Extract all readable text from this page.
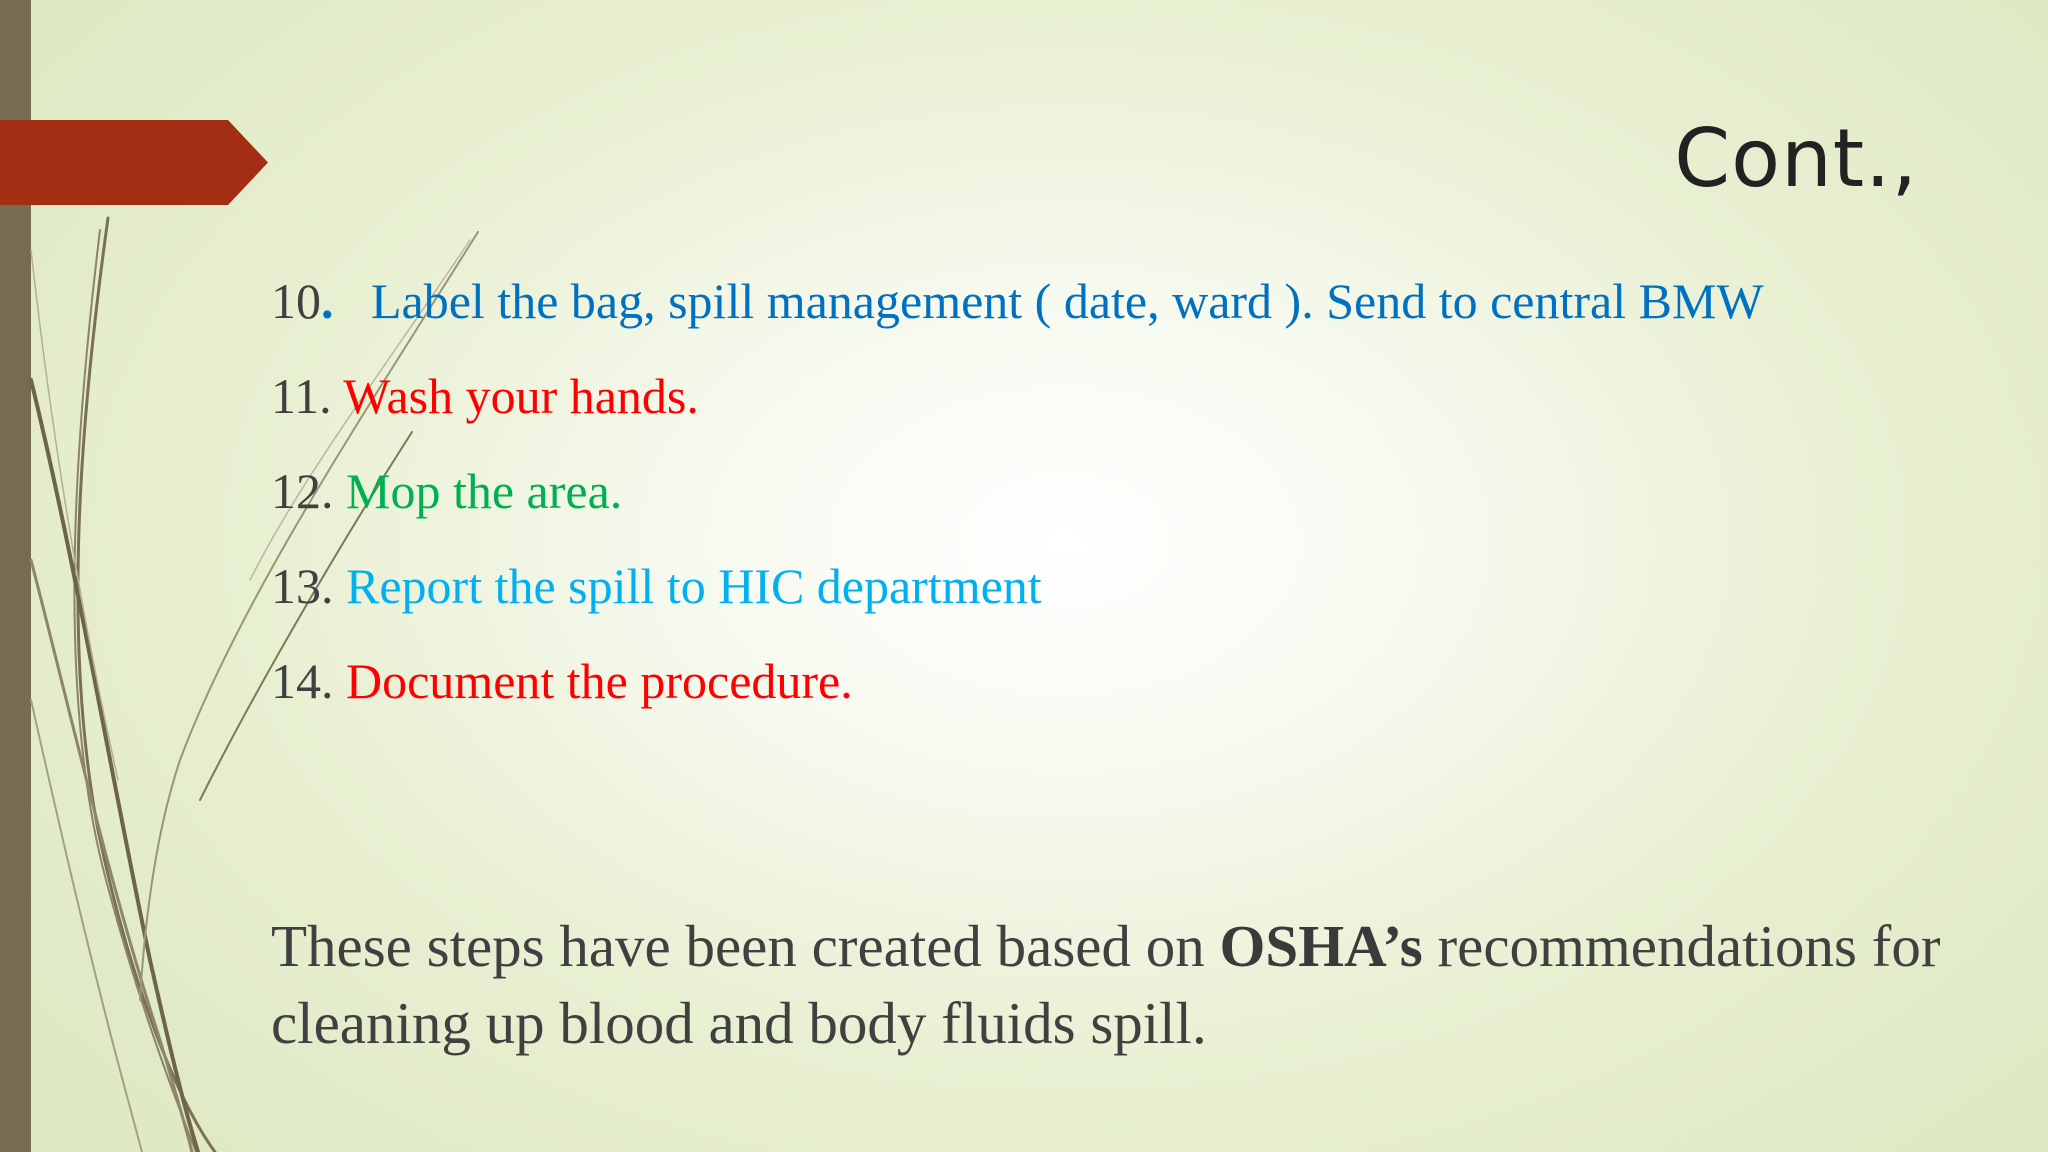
Cont.,
10.   Label the bag, spill management ( date, ward ). Send to central BMW
11. Wash your hands.
12. Mop the area.
13. Report the spill to HIC department
14. Document the procedure.

These steps have been created based on OSHA’s recommendations for cleaning up blood and body fluids spill.
